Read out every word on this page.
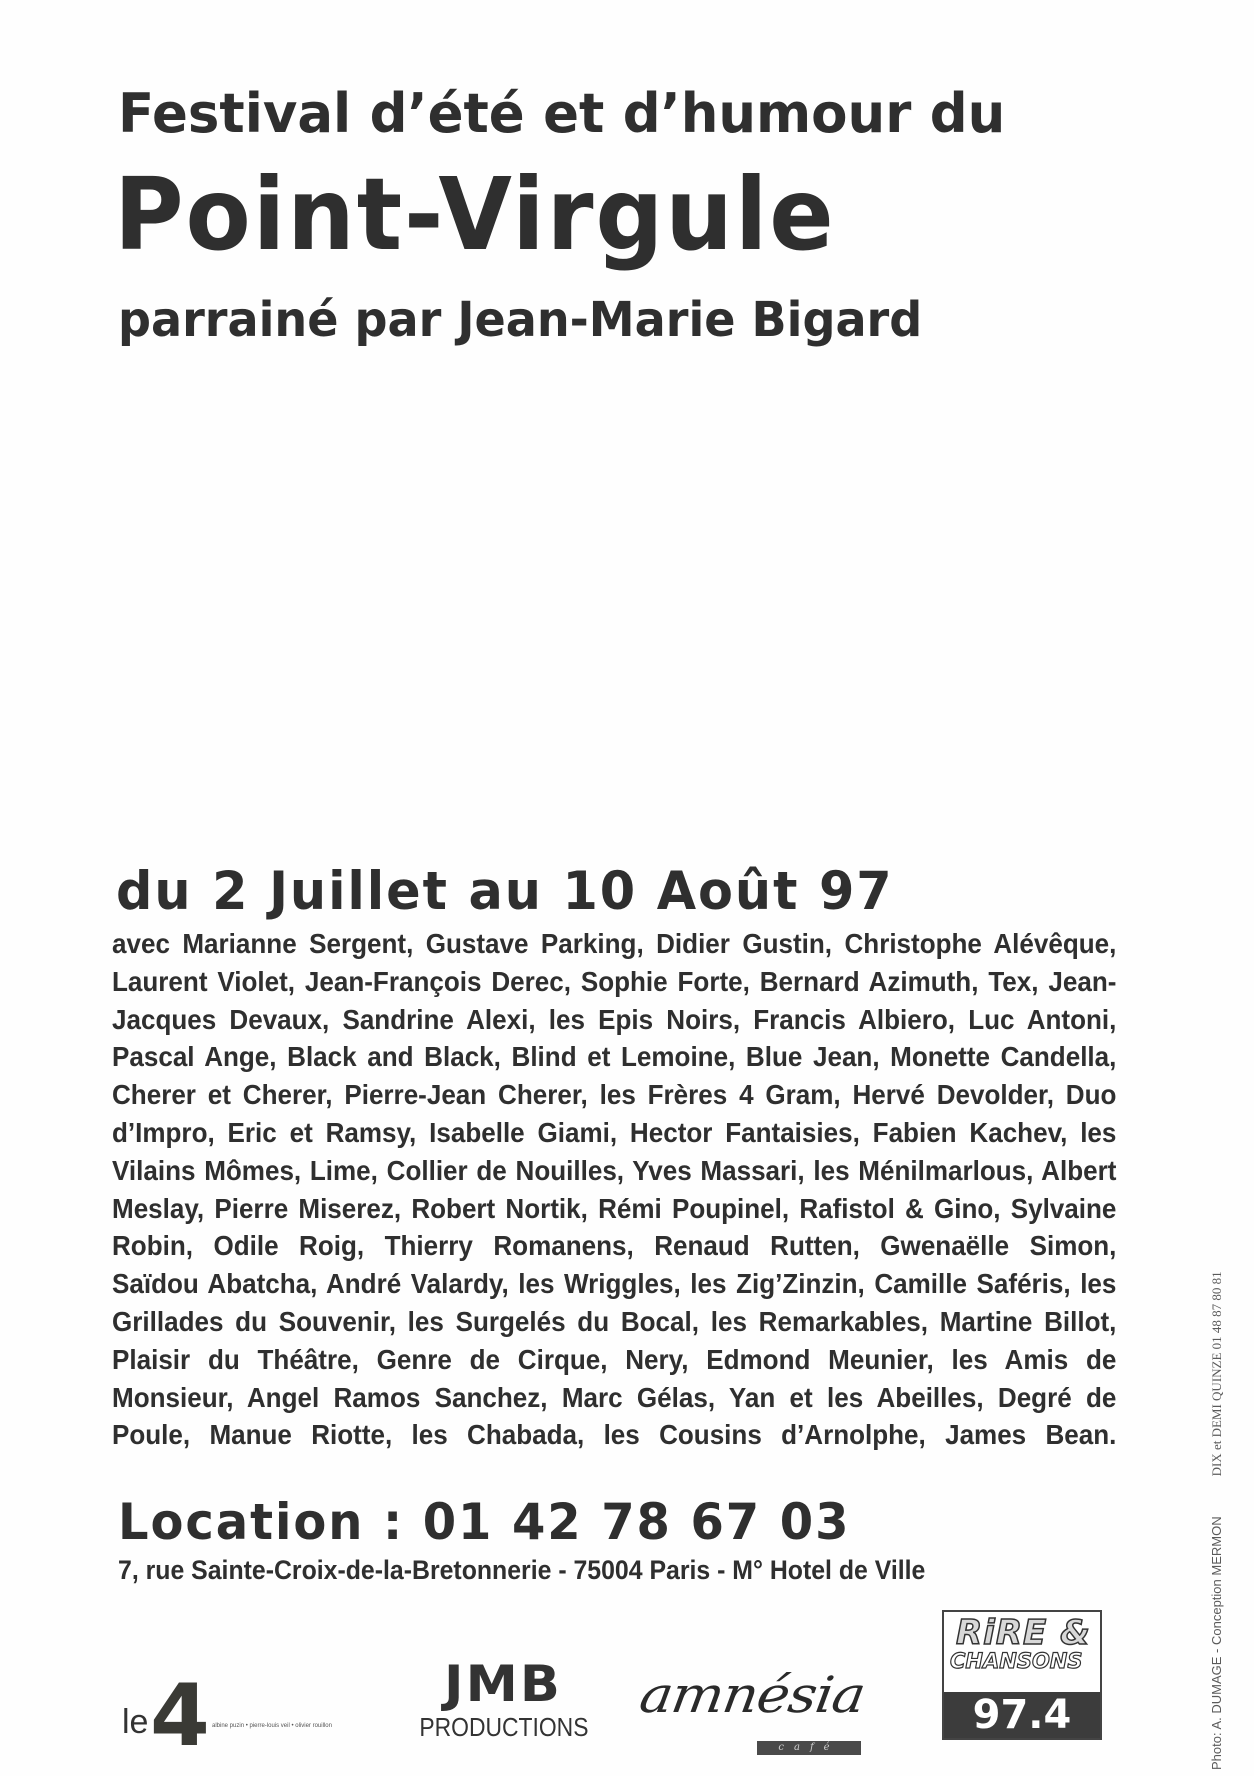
Festival d’été et d’humour du
Point-Virgule
parrainé par Jean-Marie Bigard
du 2 Juillet au 10 Août 97
avec Marianne Sergent, Gustave Parking, Didier Gustin, Christophe Alévêque,
Laurent Violet, Jean-François Derec, Sophie Forte, Bernard Azimuth, Tex, Jean-
Jacques Devaux, Sandrine Alexi, les Epis Noirs, Francis Albiero, Luc Antoni,
Pascal Ange, Black and Black, Blind et Lemoine, Blue Jean, Monette Candella,
Cherer et Cherer, Pierre-Jean Cherer, les Frères 4 Gram, Hervé Devolder, Duo
d’Impro, Eric et Ramsy, Isabelle Giami, Hector Fantaisies, Fabien Kachev, les
Vilains Mômes, Lime, Collier de Nouilles, Yves Massari, les Ménilmarlous, Albert
Meslay, Pierre Miserez, Robert Nortik, Rémi Poupinel, Rafistol & Gino, Sylvaine
Robin, Odile Roig, Thierry Romanens, Renaud Rutten, Gwenaëlle Simon,
Saïdou Abatcha, André Valardy, les Wriggles, les Zig’Zinzin, Camille Saféris, les
Grillades du Souvenir, les Surgelés du Bocal, les Remarkables, Martine Billot,
Plaisir du Théâtre, Genre de Cirque, Nery, Edmond Meunier, les Amis de
Monsieur, Angel Ramos Sanchez, Marc Gélas, Yan et les Abeilles, Degré de
Poule, Manue Riotte, les Chabada, les Cousins d’Arnolphe, James Bean.
Location : 01 42 78 67 03
7, rue Sainte-Croix-de-la-Bretonnerie - 75004 Paris - M° Hotel de Ville
le 4 albine puzin • pierre-louis veil • olivier rouillon
JMB
PRODUCTIONS
amnésia
café
RiRE &
CHANSONS
97.4	Photo: A. DUMAGE - Conception MERMONDIX et DEMI QUINZE 01 48 87 80 81
